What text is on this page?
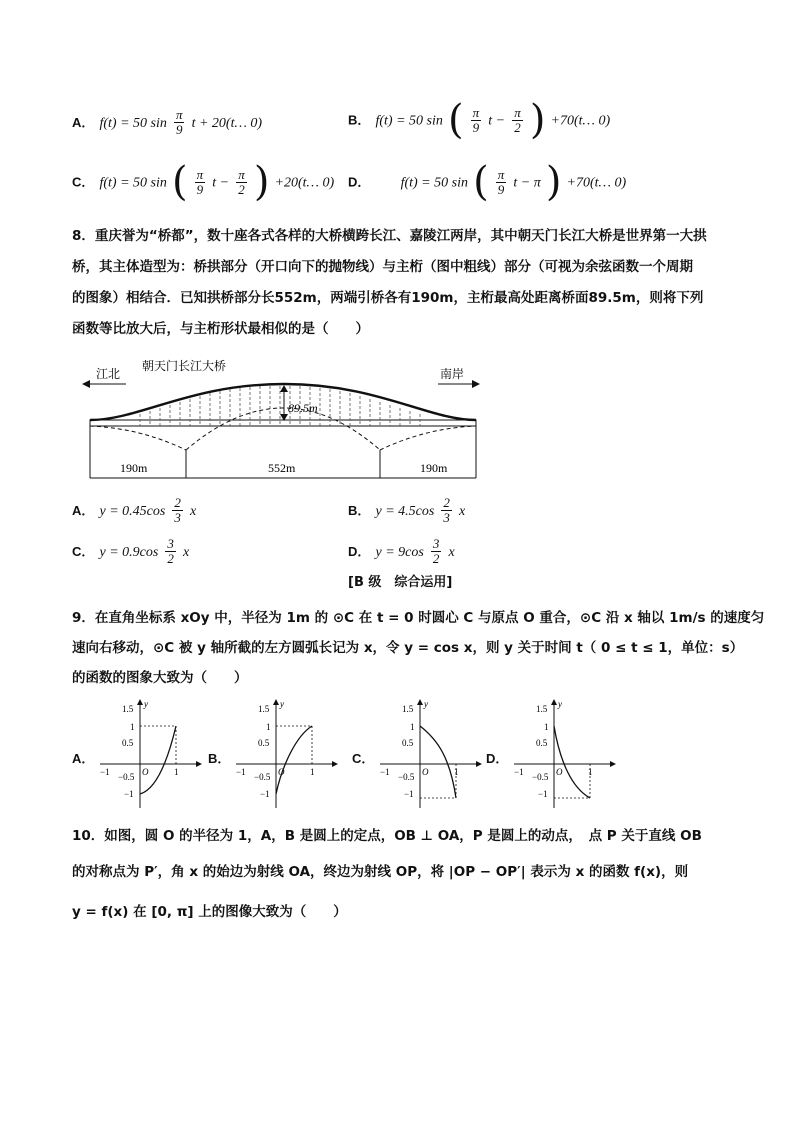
A． f(t) = 50 $\sin \frac{\pi}{9}$ t + 20(t… 0)	B． f(t) = 50 sin ( $\frac{\pi}{9}$ $t - \frac{\pi}{2}$ ) +70(t… 0)
C． f(t) = 50 sin ( $\frac{\pi}{9}$ $t - \frac{\pi}{2}$ ) +20(t… 0) D． f(t) = 50 sin ( $\frac{\pi}{9}$ t − π ) +70(t… 0)
8．重庆誉为“桥都”，数十座各式各样的大桥横跨长江、嘉陵江两岸，其中朝天门长江大桥是世界第一大拱
桥，其主体造型为：桥拱部分（开口向下的抛物线）与主桁（图中粗线）部分（可视为余弦函数一个周期
的图象）相结合．已知拱桥部分长552m，两端引桥各有190m，主桁最高处距离桥面89.5m，则将下列
函数等比放大后，与主桁形状最相似的是（　　）
朝天门长江大桥
江北	南岸
89.5m
190m	552m	190m
A． $y = 0.45\cos \frac{2}{3}$ x	B． $y = 4.5\cos \frac{2}{3}$ x
C． $y = 0.9\cos \frac{3}{2}$ x	D． $y = 9\cos \frac{3}{2}$ x
[B 级　综合运用]
9．在直角坐标系 xOy 中，半径为 1m 的 ⊙C 在 t = 0 时圆心 C 与原点 O 重合，⊙C 沿 x 轴以 1m/s 的速度匀
速向右移动，⊙C 被 y 轴所截的左方圆弧长记为 x，令 y = cos x，则 y 关于时间 t（ 0 ≤ t ≤ 1，单位：s）
的函数的图象大致为（　　）
A．	B．	C．	D．
y
1.5
1
0.5
−0.5
−1
−1	1
O
y
1.5
1
0.5
−0.5
−1
−1	1
O
y
1.5
1
0.5
−0.5
−1
−1	1
O
y
1.5
1
0.5
−0.5
−1
−1	1
O
10．如图，圆 O 的半径为 1，A，B 是圆上的定点，OB ⊥ OA，P 是圆上的动点，　点 P 关于直线 OB
的对称点为 P′，角 x 的始边为射线 OA，终边为射线 OP，将 |OP − OP′| 表示为 x 的函数 f(x)，则
y = f(x) 在 [0, π] 上的图像大致为（　　）
